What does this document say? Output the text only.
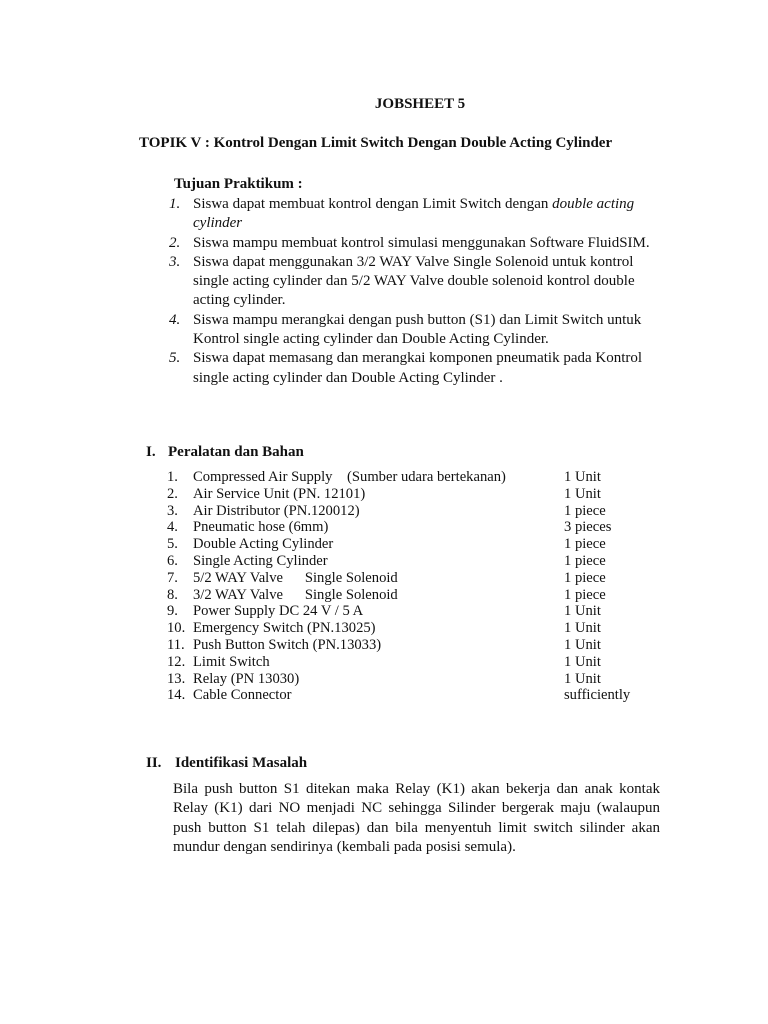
JOBSHEET 5
TOPIK V : Kontrol Dengan Limit Switch Dengan Double Acting Cylinder
Tujuan Praktikum :
1. Siswa dapat membuat kontrol dengan Limit Switch dengan double acting cylinder
2. Siswa mampu membuat kontrol simulasi menggunakan Software FluidSIM.
3. Siswa dapat menggunakan 3/2 WAY Valve Single Solenoid untuk kontrol single acting cylinder dan 5/2 WAY Valve double solenoid kontrol double acting cylinder.
4. Siswa mampu merangkai dengan push button (S1) dan Limit Switch untuk Kontrol single acting cylinder dan Double Acting Cylinder.
5. Siswa dapat memasang dan merangkai komponen pneumatik pada Kontrol single acting cylinder dan Double Acting Cylinder .
I. Peralatan dan Bahan
1. Compressed Air Supply    (Sumber udara bertekanan)	1 Unit
2. Air Service Unit (PN. 12101)	1 Unit
3. Air Distributor (PN.120012)	1 piece
4. Pneumatic hose (6mm)	3 pieces
5. Double Acting Cylinder	1 piece
6. Single Acting Cylinder	1 piece
7. 5/2 WAY Valve      Single Solenoid	1 piece
8. 3/2 WAY Valve      Single Solenoid	1 piece
9. Power Supply DC 24 V / 5 A	1 Unit
10. Emergency Switch (PN.13025)	1 Unit
11. Push Button Switch (PN.13033)	1 Unit
12. Limit Switch	1 Unit
13. Relay (PN 13030)	1 Unit
14. Cable Connector	sufficiently
II. Identifikasi Masalah

Bila push button S1 ditekan maka Relay (K1) akan bekerja dan anak kontak Relay (K1) dari NO menjadi NC sehingga Silinder bergerak maju (walaupun push button S1 telah dilepas) dan bila menyentuh limit switch silinder akan mundur dengan sendirinya (kembali pada posisi semula).
